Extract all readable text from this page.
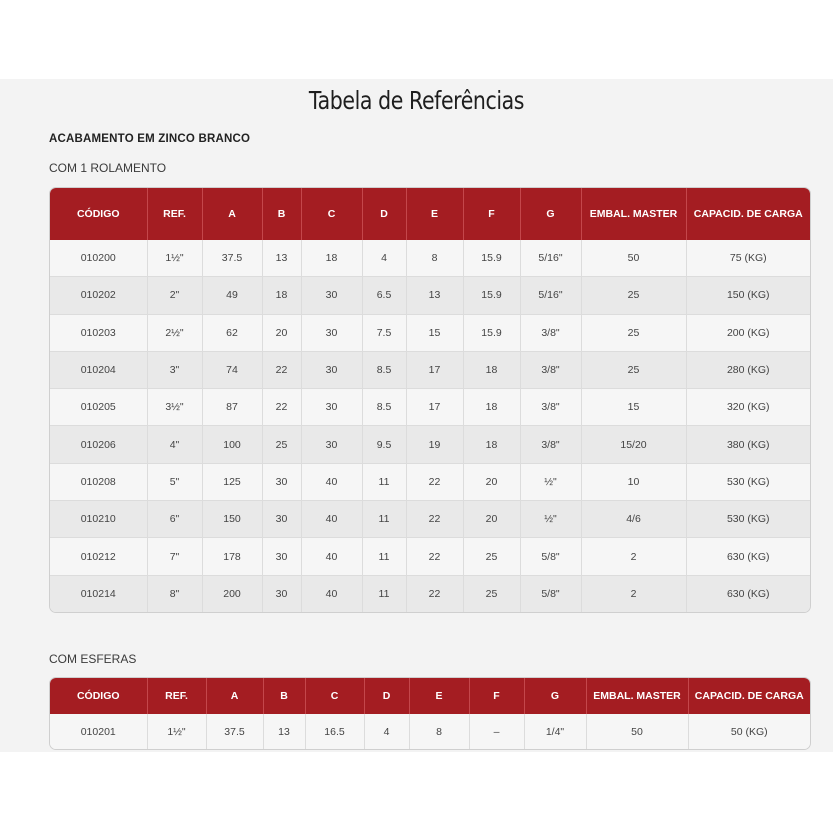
Tabela de Referências
ACABAMENTO EM ZINCO BRANCO
COM 1 ROLAMENTO
CÓDIGO	REF.	A	B	C	D	E	F	G	EMBAL. MASTER	CAPACID. DE CARGA
010200	1½"	37.5	13	18	4	8	15.9	5/16"	50	75 (KG)
010202	2"	49	18	30	6.5	13	15.9	5/16"	25	150 (KG)
010203	2½"	62	20	30	7.5	15	15.9	3/8"	25	200 (KG)
010204	3"	74	22	30	8.5	17	18	3/8"	25	280 (KG)
010205	3½"	87	22	30	8.5	17	18	3/8"	15	320 (KG)
010206	4"	100	25	30	9.5	19	18	3/8"	15/20	380 (KG)
010208	5"	125	30	40	11	22	20	½"	10	530 (KG)
010210	6"	150	30	40	11	22	20	½"	4/6	530 (KG)
010212	7"	178	30	40	11	22	25	5/8"	2	630 (KG)
010214	8"	200	30	40	11	22	25	5/8"	2	630 (KG)
COM ESFERAS
CÓDIGO	REF.	A	B	C	D	E	F	G	EMBAL. MASTER	CAPACID. DE CARGA
010201	1½"	37.5	13	16.5	4	8	–	1/4"	50	50 (KG)
